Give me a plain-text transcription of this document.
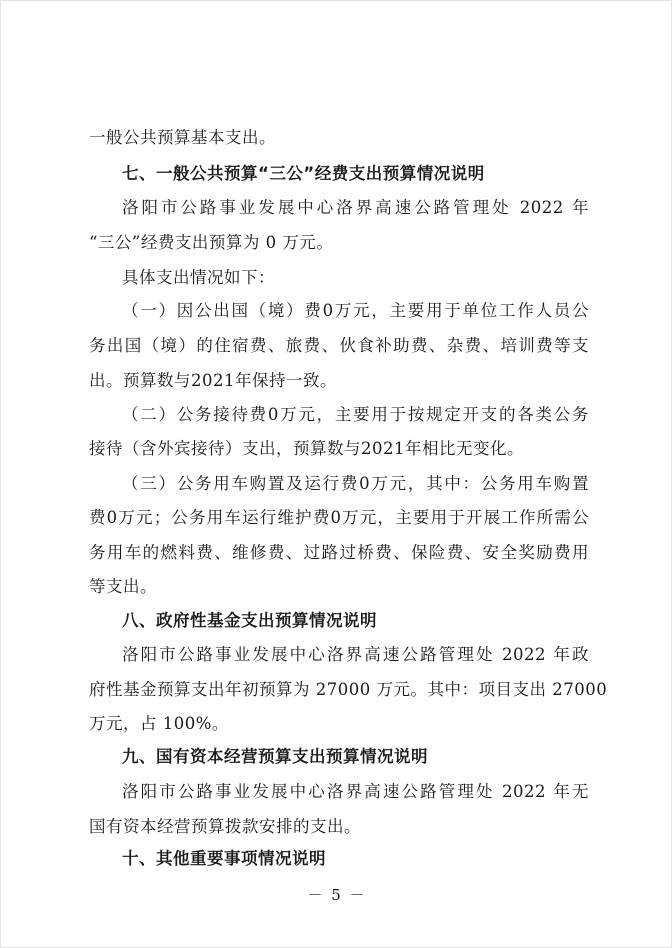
一般公共预算基本支出。
七、一般公共预算“三公”经费支出预算情况说明
洛阳市公路事业发展中心洛界高速公路管理处 2022 年
“三公”经费支出预算为 0 万元。
具体支出情况如下：
（一）因公出国（境）费0万元，主要用于单位工作人员公
务出国（境）的住宿费、旅费、伙食补助费、杂费、培训费等支
出。预算数与2021年保持一致。
（二）公务接待费0万元，主要用于按规定开支的各类公务
接待（含外宾接待）支出，预算数与2021年相比无变化。
（三）公务用车购置及运行费0万元，其中：公务用车购置
费0万元；公务用车运行维护费0万元，主要用于开展工作所需公
务用车的燃料费、维修费、过路过桥费、保险费、安全奖励费用
等支出。
八、政府性基金支出预算情况说明
洛阳市公路事业发展中心洛界高速公路管理处 2022 年政
府性基金预算支出年初预算为 27000 万元。其中：项目支出 27000
万元，占 100%。
九、国有资本经营预算支出预算情况说明
洛阳市公路事业发展中心洛界高速公路管理处 2022 年无
国有资本经营预算拨款安排的支出。
十、其他重要事项情况说明
－ 5 －
